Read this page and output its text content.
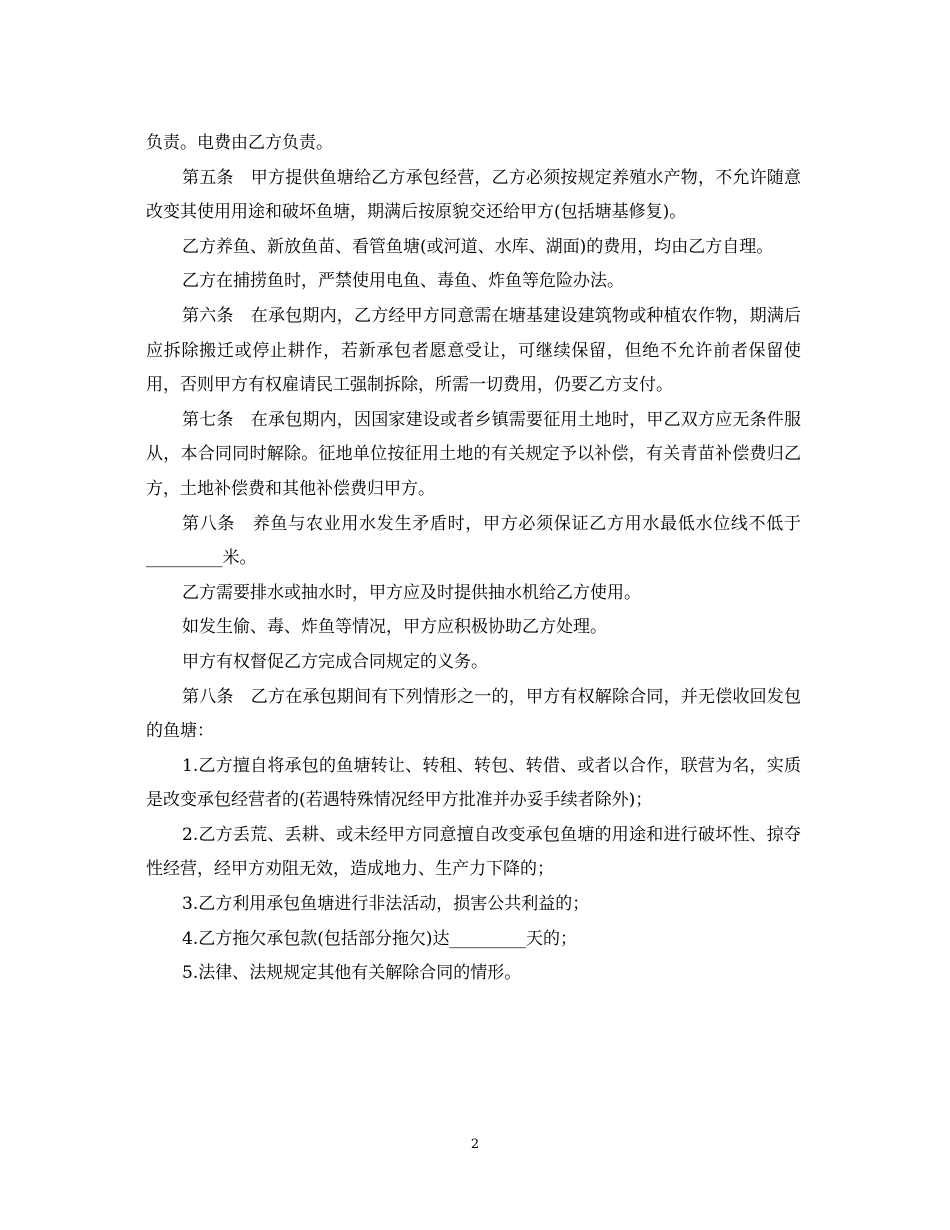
负责。电费由乙方负责。

第五条　甲方提供鱼塘给乙方承包经营，乙方必须按规定养殖水产物，不允许随意改变其使用用途和破坏鱼塘，期满后按原貌交还给甲方(包括塘基修复)。

乙方养鱼、新放鱼苗、看管鱼塘(或河道、水库、湖面)的费用，均由乙方自理。

乙方在捕捞鱼时，严禁使用电鱼、毒鱼、炸鱼等危险办法。

第六条　在承包期内，乙方经甲方同意需在塘基建设建筑物或种植农作物，期满后应拆除搬迁或停止耕作，若新承包者愿意受让，可继续保留，但绝不允许前者保留使用，否则甲方有权雇请民工强制拆除，所需一切费用，仍要乙方支付。

第七条　在承包期内，因国家建设或者乡镇需要征用土地时，甲乙双方应无条件服从，本合同同时解除。征地单位按征用土地的有关规定予以补偿，有关青苗补偿费归乙方，土地补偿费和其他补偿费归甲方。

第八条　养鱼与农业用水发生矛盾时，甲方必须保证乙方用水最低水位线不低于_________米。

乙方需要排水或抽水时，甲方应及时提供抽水机给乙方使用。

如发生偷、毒、炸鱼等情况，甲方应积极协助乙方处理。

甲方有权督促乙方完成合同规定的义务。

第八条　乙方在承包期间有下列情形之一的，甲方有权解除合同，并无偿收回发包的鱼塘：

1.乙方擅自将承包的鱼塘转让、转租、转包、转借、或者以合作，联营为名，实质是改变承包经营者的(若遇特殊情况经甲方批准并办妥手续者除外)；

2.乙方丢荒、丢耕、或未经甲方同意擅自改变承包鱼塘的用途和进行破坏性、掠夺性经营，经甲方劝阻无效，造成地力、生产力下降的；

3.乙方利用承包鱼塘进行非法活动，损害公共利益的；

4.乙方拖欠承包款(包括部分拖欠)达_________天的；

5.法律、法规规定其他有关解除合同的情形。

2
